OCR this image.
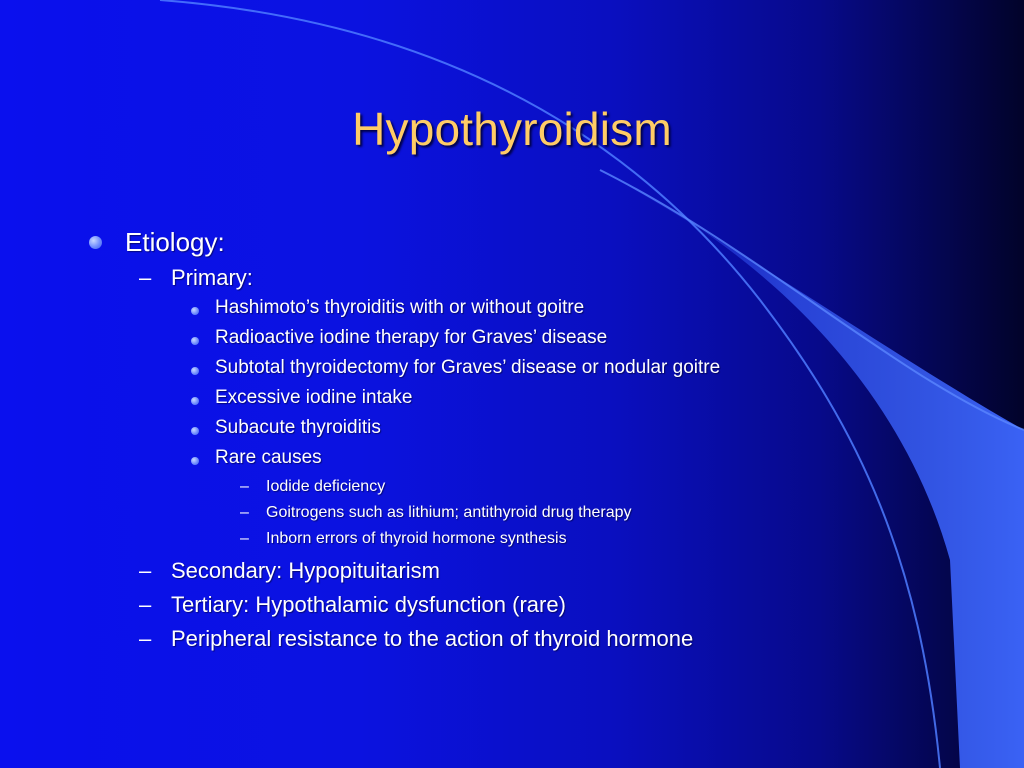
Hypothyroidism
Etiology:
– Primary:
Hashimoto’s thyroiditis with or without goitre
Radioactive iodine therapy for Graves’ disease
Subtotal thyroidectomy for Graves’ disease or nodular goitre
Excessive iodine intake
Subacute thyroiditis
Rare causes
– Iodide deficiency
– Goitrogens such as lithium; antithyroid drug therapy
– Inborn errors of thyroid hormone synthesis
– Secondary: Hypopituitarism
– Tertiary: Hypothalamic dysfunction (rare)
– Peripheral resistance to the action of thyroid hormone
